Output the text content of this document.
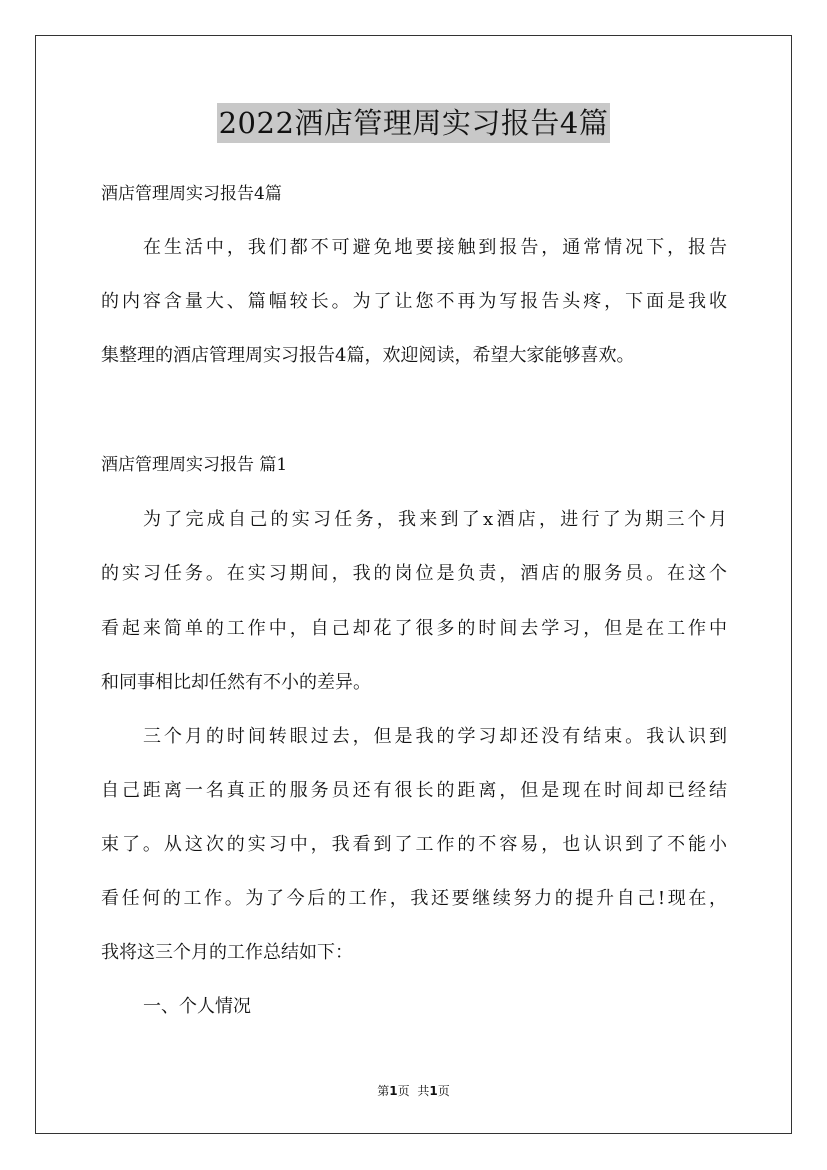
2022酒店管理周实习报告4篇

酒店管理周实习报告4篇

在生活中，我们都不可避免地要接触到报告，通常情况下，报告

的内容含量大、篇幅较长。为了让您不再为写报告头疼，下面是我收

集整理的酒店管理周实习报告4篇，欢迎阅读，希望大家能够喜欢。

酒店管理周实习报告 篇1

为了完成自己的实习任务，我来到了x酒店，进行了为期三个月

的实习任务。在实习期间，我的岗位是负责，酒店的服务员。在这个

看起来简单的工作中，自己却花了很多的时间去学习，但是在工作中

和同事相比却任然有不小的差异。

三个月的时间转眼过去，但是我的学习却还没有结束。我认识到

自己距离一名真正的服务员还有很长的距离，但是现在时间却已经结

束了。从这次的实习中，我看到了工作的不容易，也认识到了不能小

看任何的工作。为了今后的工作，我还要继续努力的提升自己!现在，

我将这三个月的工作总结如下：

一、个人情况

第1页 共1页
